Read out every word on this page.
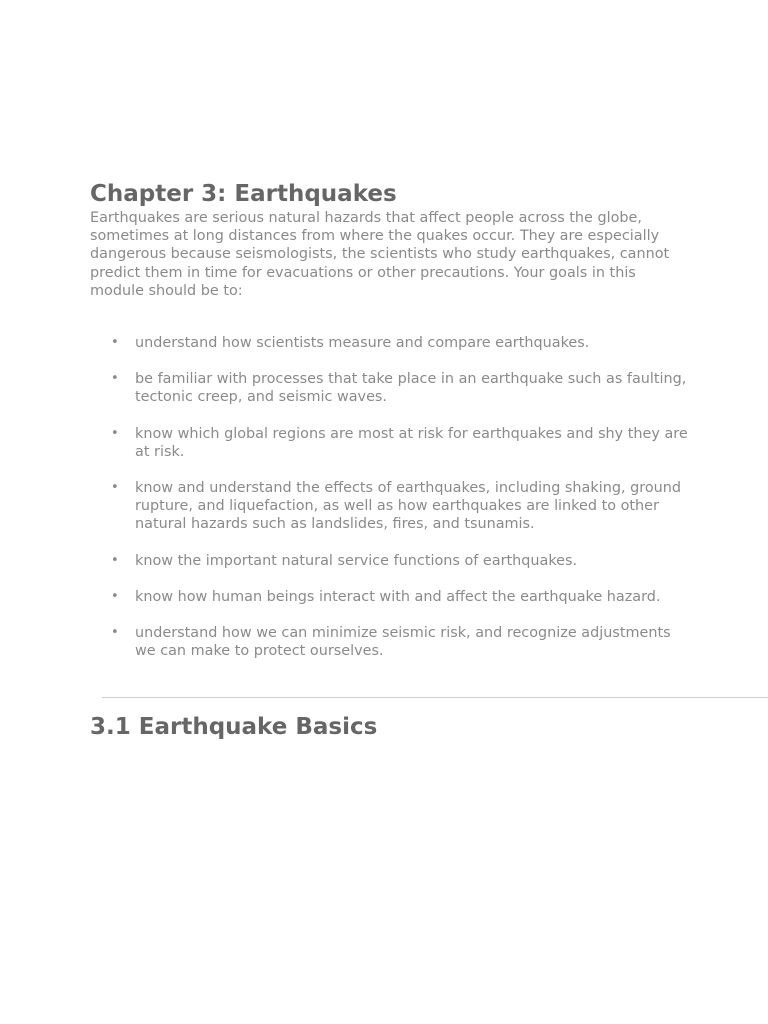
Chapter 3: Earthquakes

Earthquakes are serious natural hazards that affect people across the globe, sometimes at long distances from where the quakes occur. They are especially dangerous because seismologists, the scientists who study earthquakes, cannot predict them in time for evacuations or other precautions. Your goals in this module should be to:

• understand how scientists measure and compare earthquakes.
• be familiar with processes that take place in an earthquake such as faulting, tectonic creep, and seismic waves.
• know which global regions are most at risk for earthquakes and shy they are at risk.
• know and understand the effects of earthquakes, including shaking, ground rupture, and liquefaction, as well as how earthquakes are linked to other natural hazards such as landslides, fires, and tsunamis.
• know the important natural service functions of earthquakes.
• know how human beings interact with and affect the earthquake hazard.
• understand how we can minimize seismic risk, and recognize adjustments we can make to protect ourselves.
3.1 Earthquake Basics
